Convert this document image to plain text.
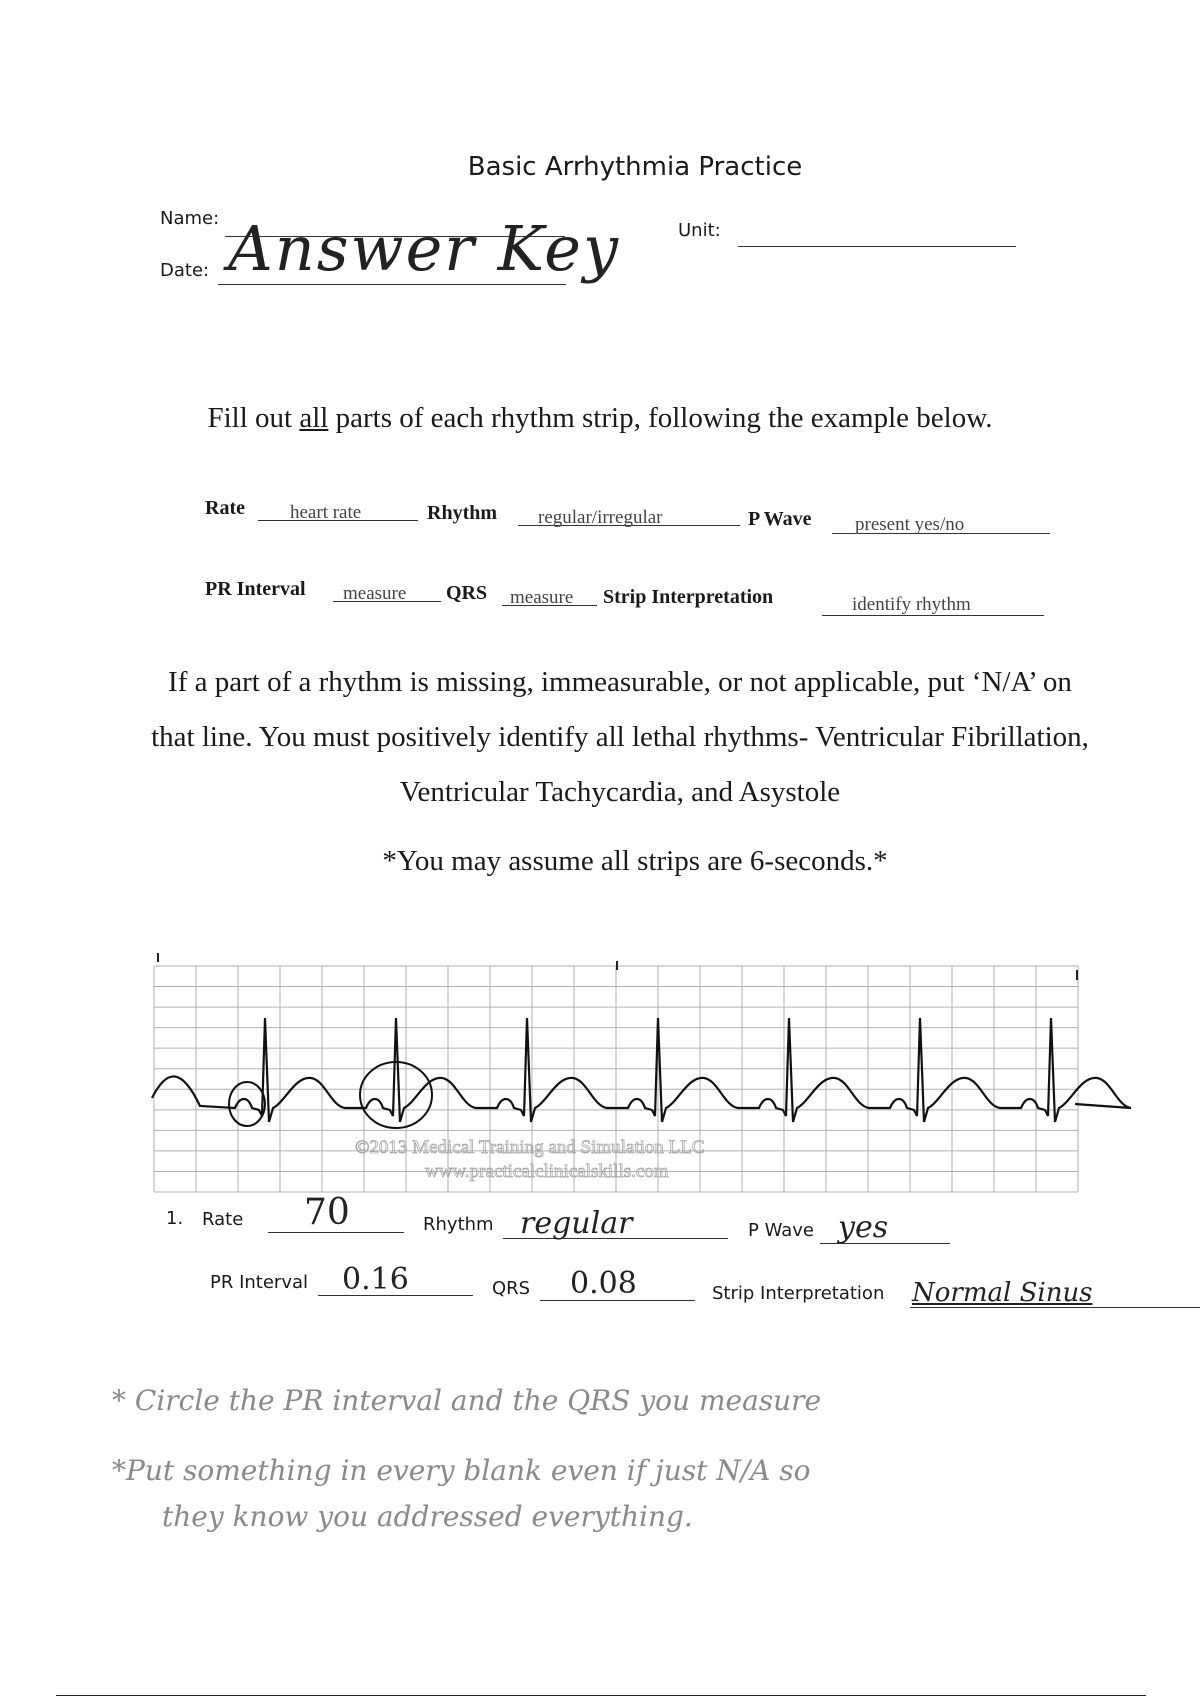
Basic Arrhythmia Practice
Name:
Date: Answer Key	Unit:
Fill out all parts of each rhythm strip, following the example below.
Rate heart rate	Rhythm regular/irregular	P Wave present yes/no
PR Interval measure QRS measure Strip Interpretation	identify rhythm
If a part of a rhythm is missing, immeasurable, or not applicable, put ‘N/A’ on that line. You must positively identify all lethal rhythms- Ventricular Fibrillation, Ventricular Tachycardia, and Asystole
*You may assume all strips are 6-seconds.*
©2013 Medical Training and Simulation LLC
www.practicalclinicalskills.com
1. Rate 70	Rhythm regular	P Wave yes
PR Interval 0.16	QRS 0.08	Strip Interpretation Normal Sinus
* Circle the PR interval and the QRS you measure
*Put something in every blank even if just N/A so
they know you addressed everything.
